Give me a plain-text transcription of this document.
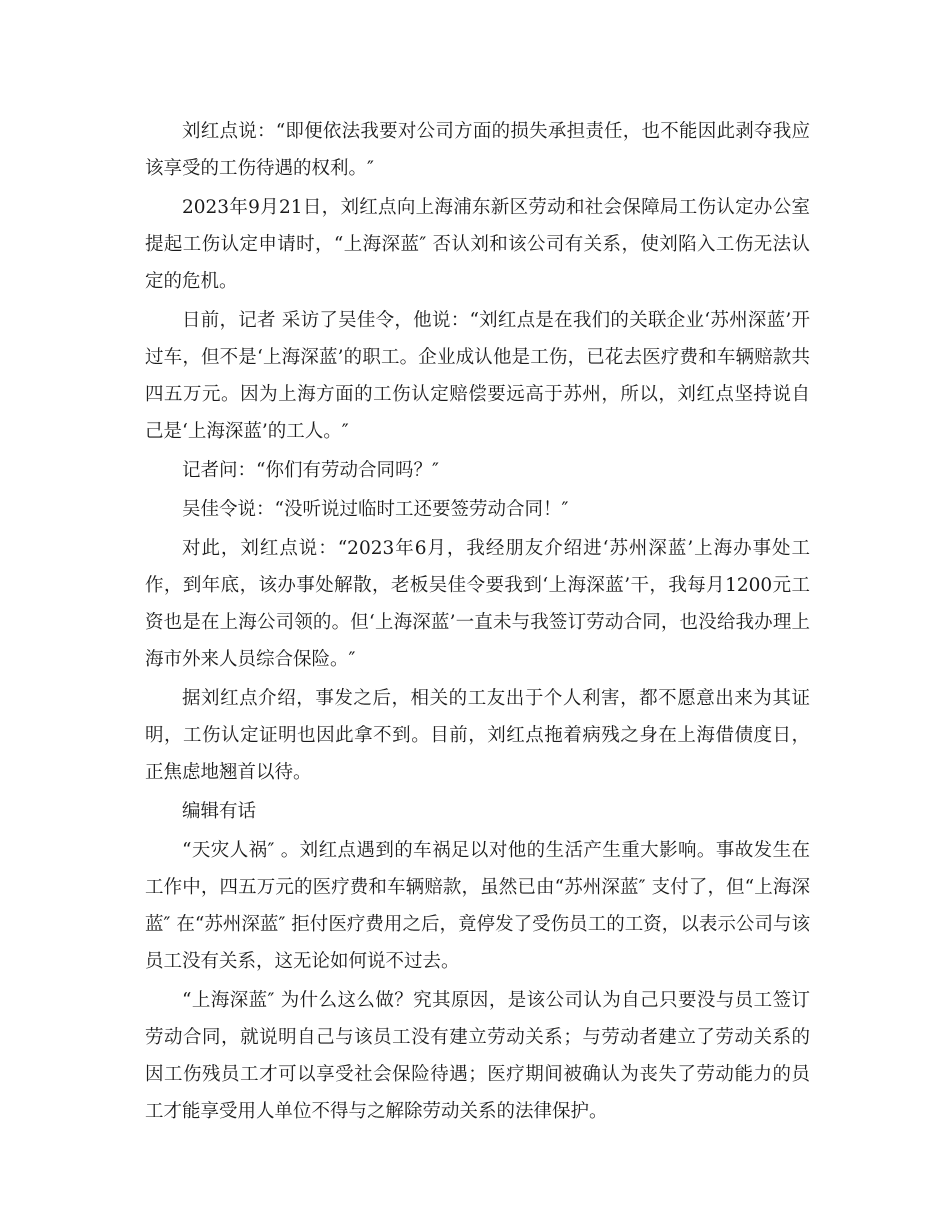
刘红点说：“即便依法我要对公司方面的损失承担责任，也不能因此剥夺我应该享受的工伤待遇的权利。″

2023年9月21日，刘红点向上海浦东新区劳动和社会保障局工伤认定办公室提起工伤认定申请时，“上海深蓝″ 否认刘和该公司有关系，使刘陷入工伤无法认定的危机。

日前，记者 采访了吴佳令，他说：“刘红点是在我们的关联企业‘苏州深蓝’开过车，但不是‘上海深蓝’的职工。企业成认他是工伤，已花去医疗费和车辆赔款共四五万元。因为上海方面的工伤认定赔偿要远高于苏州，所以，刘红点坚持说自己是‘上海深蓝’的工人。″

记者问：“你们有劳动合同吗？″

吴佳令说：“没听说过临时工还要签劳动合同！″

对此，刘红点说：“2023年6月，我经朋友介绍进‘苏州深蓝’上海办事处工作，到年底，该办事处解散，老板吴佳令要我到‘上海深蓝’干，我每月1200元工资也是在上海公司领的。但‘上海深蓝’一直未与我签订劳动合同，也没给我办理上海市外来人员综合保险。″

据刘红点介绍，事发之后，相关的工友出于个人利害，都不愿意出来为其证明，工伤认定证明也因此拿不到。目前，刘红点拖着病残之身在上海借债度日，正焦虑地翘首以待。

编辑有话

“天灾人祸″ 。刘红点遇到的车祸足以对他的生活产生重大影响。事故发生在工作中，四五万元的医疗费和车辆赔款，虽然已由“苏州深蓝″ 支付了，但“上海深蓝″ 在“苏州深蓝″ 拒付医疗费用之后，竟停发了受伤员工的工资，以表示公司与该员工没有关系，这无论如何说不过去。

“上海深蓝″ 为什么这么做？究其原因，是该公司认为自己只要没与员工签订劳动合同，就说明自己与该员工没有建立劳动关系；与劳动者建立了劳动关系的因工伤残员工才可以享受社会保险待遇；医疗期间被确认为丧失了劳动能力的员工才能享受用人单位不得与之解除劳动关系的法律保护。
